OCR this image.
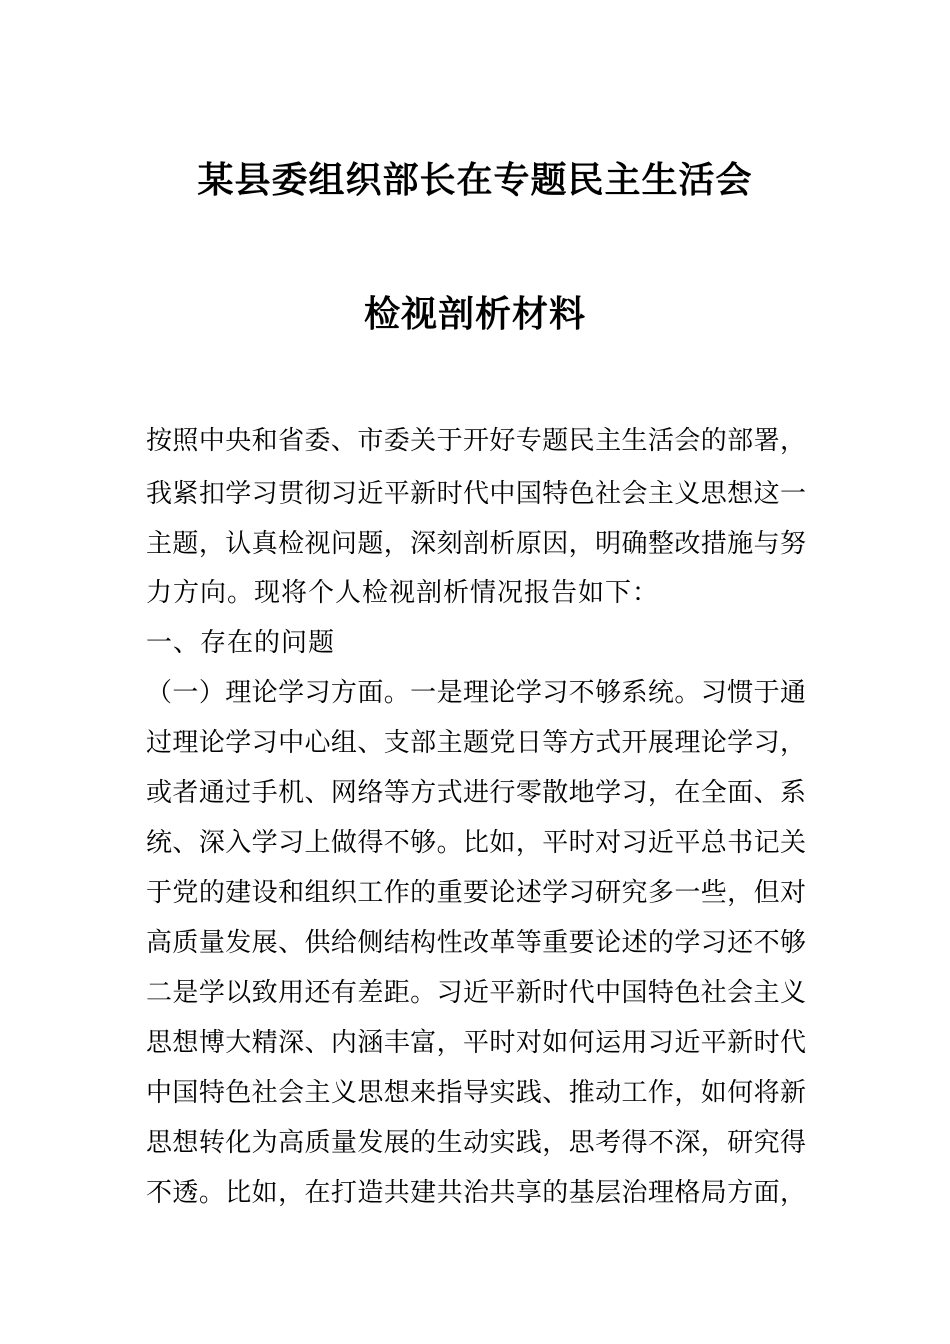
某县委组织部长在专题民主生活会
检视剖析材料
按照中央和省委、市委关于开好专题民主生活会的部署，
我紧扣学习贯彻习近平新时代中国特色社会主义思想这一
主题，认真检视问题，深刻剖析原因，明确整改措施与努
力方向。现将个人检视剖析情况报告如下：
一、存在的问题
（一）理论学习方面。一是理论学习不够系统。习惯于通
过理论学习中心组、支部主题党日等方式开展理论学习，
或者通过手机、网络等方式进行零散地学习，在全面、系
统、深入学习上做得不够。比如，平时对习近平总书记关
于党的建设和组织工作的重要论述学习研究多一些，但对
高质量发展、供给侧结构性改革等重要论述的学习还不够
二是学以致用还有差距。习近平新时代中国特色社会主义
思想博大精深、内涵丰富，平时对如何运用习近平新时代
中国特色社会主义思想来指导实践、推动工作，如何将新
思想转化为高质量发展的生动实践，思考得不深，研究得
不透。比如，在打造共建共治共享的基层治理格局方面，
